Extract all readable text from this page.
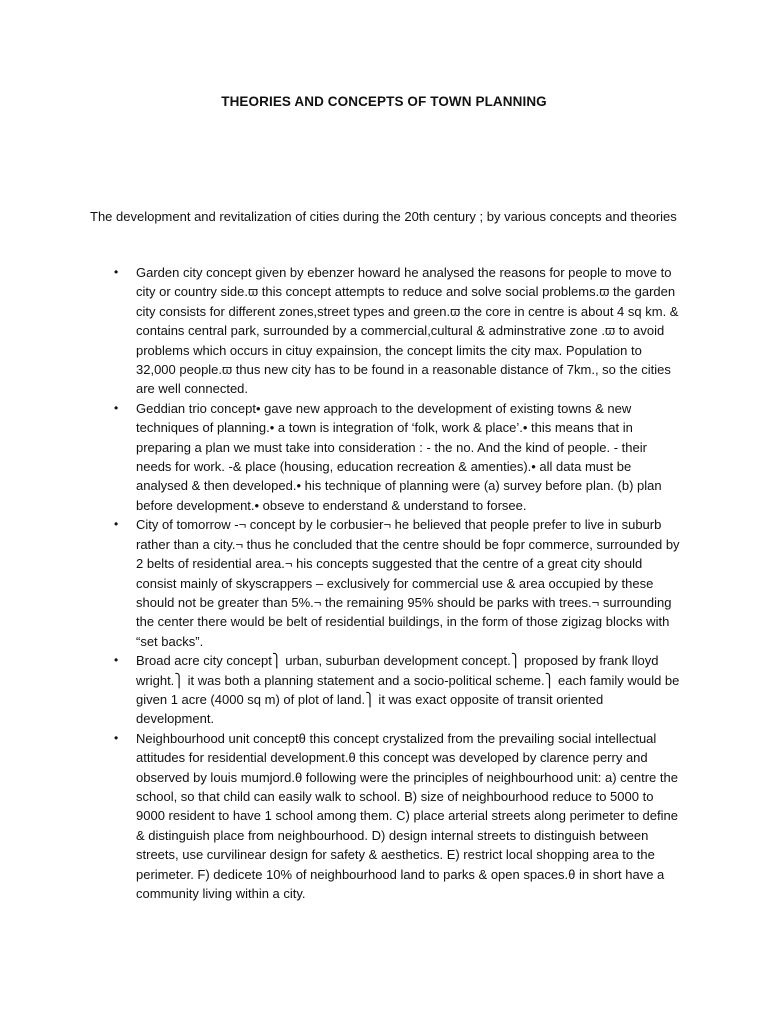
THEORIES AND CONCEPTS OF TOWN PLANNING
The development and revitalization of cities during the 20th century ; by various concepts and theories
• Garden city concept given by ebenzer howard he analysed the reasons for people to move to city or country side.ϖ this concept attempts to reduce and solve social problems.ϖ the garden city consists for different zones,street types and green.ϖ the core in centre is about 4 sq km. & contains central park, surrounded by a commercial,cultural & adminstrative zone .ϖ to avoid problems which occurs in cituy expainsion, the concept limits the city max. Population to 32,000 people.ϖ thus new city has to be found in a reasonable distance of 7km., so the cities are well connected.
• Geddian trio concept• gave new approach to the development of existing towns & new techniques of planning.• a town is integration of ‘folk, work & place’.• this means that in preparing a plan we must take into consideration : - the no. And the kind of people. - their needs for work. -& place (housing, education recreation & amenties).• all data must be analysed & then developed.• his technique of planning were (a) survey before plan. (b) plan before development.• obseve to enderstand & understand to forsee.
• City of tomorrow -¬ concept by le corbusier¬ he believed that people prefer to live in suburb rather than a city.¬ thus he concluded that the centre should be fopr commerce, surrounded by 2 belts of residential area.¬ his concepts suggested that the centre of a great city should consist mainly of skyscrappers – exclusively for commercial use & area occupied by these should not be greater than 5%.¬ the remaining 95% should be parks with trees.¬ surrounding the center there would be belt of residential buildings, in the form of those zigizag blocks with “set backs”.
• Broad acre city concept⎫ urban, suburban development concept.⎫ proposed by frank lloyd wright.⎫ it was both a planning statement and a socio-political scheme.⎫ each family would be given 1 acre (4000 sq m) of plot of land.⎫ it was exact opposite of transit oriented development.
• Neighbourhood unit conceptθ this concept crystalized from the prevailing social intellectual attitudes for residential development.θ this concept was developed by clarence perry and observed by louis mumjord.θ following were the principles of neighbourhood unit: a) centre the school, so that child can easily walk to school. B) size of neighbourhood reduce to 5000 to 9000 resident to have 1 school among them. C) place arterial streets along perimeter to define & distinguish place from neighbourhood. D) design internal streets to distinguish between streets, use curvilinear design for safety & aesthetics. E) restrict local shopping area to the perimeter. F) dedicete 10% of neighbourhood land to parks & open spaces.θ in short have a community living within a city.
